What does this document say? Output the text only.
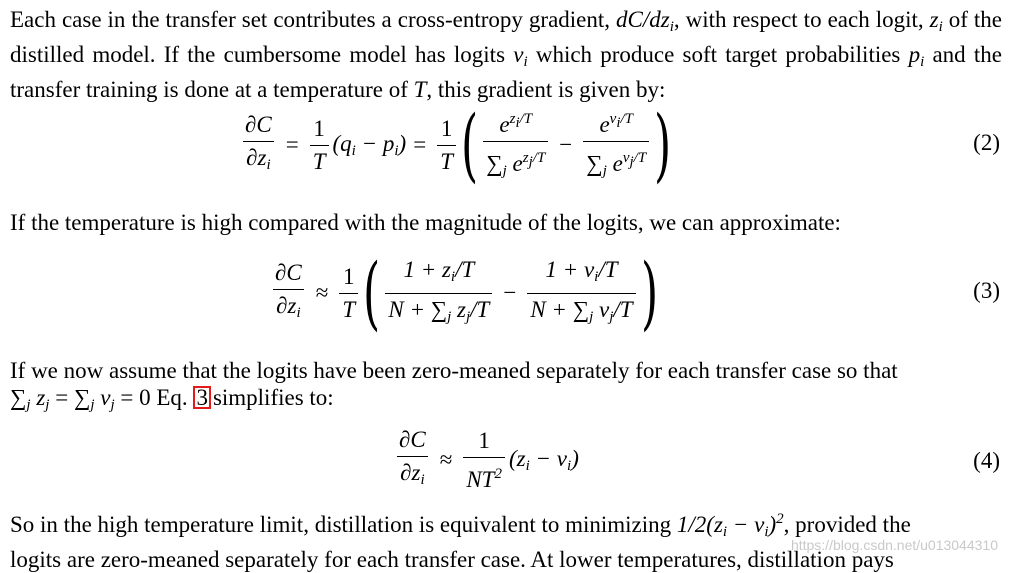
Each case in the transfer set contributes a cross-entropy gradient, $dC/dz_i$, with respect to each logit, $z_i$ of the distilled model. If the cumbersome model has logits $v_i$ which produce soft target probabilities $p_i$ and the transfer training is done at a temperature of T, this gradient is given by:

$\frac{\partial C}{\partial z_i} = \frac{1}{T} (q_i - p_i) = \frac{1}{T}$ ( $\frac{e^{z_i/T}}{\sum_j e^{z_j/T}} - \frac{e^{v_i/T}}{\sum_j e^{v_j/T}}$ )	(2)

If the temperature is high compared with the magnitude of the logits, we can approximate:

$\frac{\partial C}{\partial z_i} \approx \frac{1}{T}$ ( $\frac{1 + z_i/T}{N + \sum_j z_j/T} - \frac{1 + v_i/T}{N + \sum_j v_j/T}$ )	(3)

If we now assume that the logits have been zero-meaned separately for each transfer case so that
$\sum_j$ $z_j = \sum_j$ $v_j = 0$ Eq. 3 simplifies to:

$\frac{\partial C}{\partial z_i} \approx \frac{1}{NT^2} (z_i - v_i)$	(4)

So in the high temperature limit, distillation is equivalent to minimizing $1/2(z_i - v_i)^2$, provided the
logits are zero-meaned separately for each transfer case. At lower temperatures, distillation pays

https://blog.csdn.net/u013044310
